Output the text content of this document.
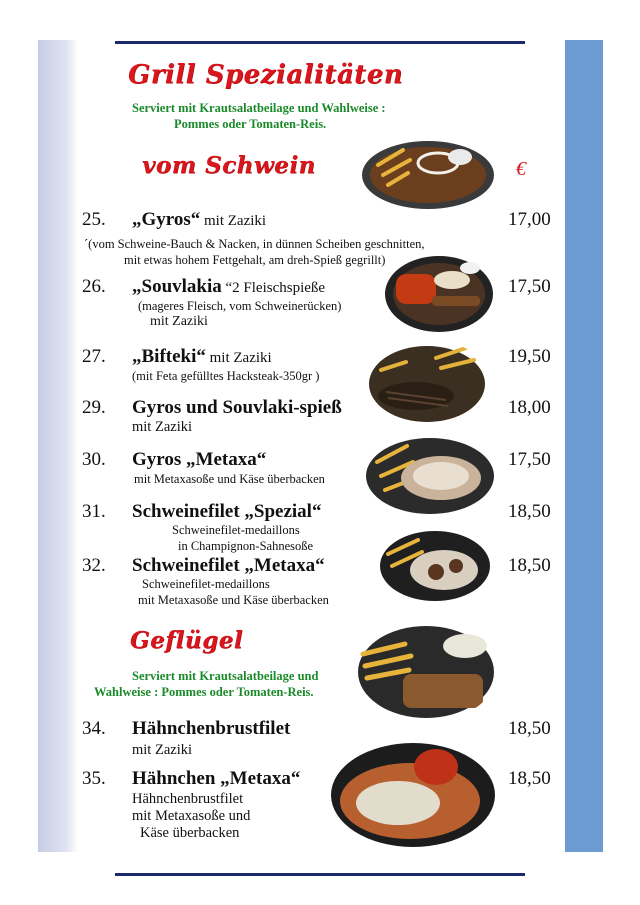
Grill Spezialitäten
Serviert mit Krautsalatbeilage und Wahlweise :
Pommes oder Tomaten-Reis.
vom Schwein	€
25. „Gyros“ mit Zaziki	17,00
´(vom Schweine-Bauch & Nacken, in dünnen Scheiben geschnitten,
mit etwas hohem Fettgehalt, am dreh-Spieß gegrillt)
26. „Souvlakia “2 Fleischspieße	17,50
(mageres Fleisch, vom Schweinerücken)
mit Zaziki
27. „Bifteki“ mit Zaziki	19,50
(mit Feta gefülltes Hacksteak-350gr )
29. Gyros und Souvlaki-spieß	18,00
mit Zaziki
30. Gyros „Metaxa“	17,50
mit Metaxasoße und Käse überbacken
31. Schweinefilet „Spezial“	18,50
Schweinefilet-medaillons
in Champignon-Sahnesoße
32. Schweinefilet „Metaxa“	18,50
Schweinefilet-medaillons
mit Metaxasoße und Käse überbacken
Geflügel
Serviert mit Krautsalatbeilage und
Wahlweise : Pommes oder Tomaten-Reis.
34. Hähnchenbrustfilet	18,50
mit Zaziki
35. Hähnchen „Metaxa“	18,50
Hähnchenbrustfilet
mit Metaxasoße und
Käse überbacken
